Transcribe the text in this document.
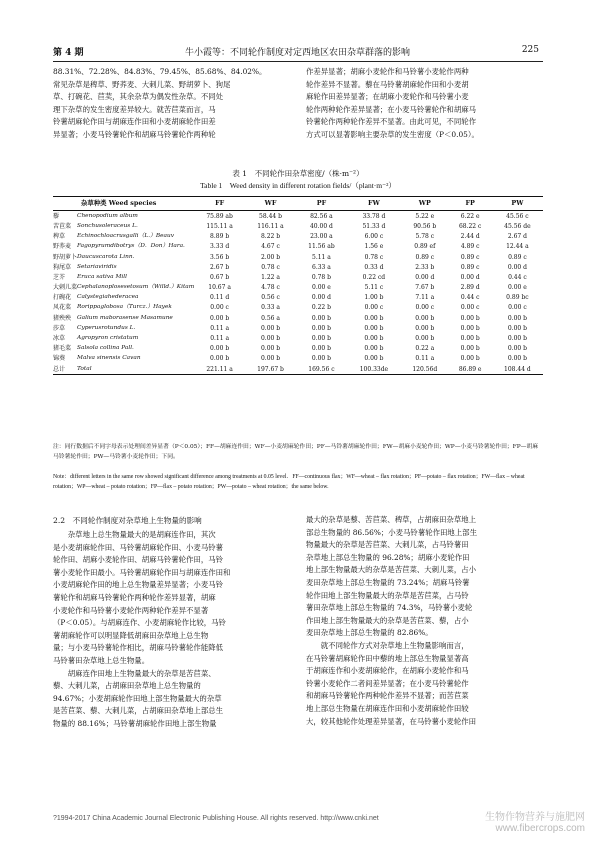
第 4 期	牛小霞等：不同轮作制度对定西地区农田杂草群落的影响	225

88.31%、72.28%、84.83%、79.45%、85.68%、84.02%。

常见杂草是稗草、野荞麦、大刺儿菜、野胡萝卜、狗尾

草、打碗花、苣荬，其余杂草为偶发性杂草。不同处

理下杂草的发生密度差异较大。就苦苣菜而言，马

铃薯胡麻轮作田与胡麻连作田和小麦胡麻轮作田差

异显著；小麦马铃薯轮作和胡麻马铃薯轮作两种轮

作差异显著；胡麻小麦轮作和马铃薯小麦轮作两种

轮作差异不显著。藜在马铃薯胡麻轮作田和小麦胡

麻轮作田差异显著；在胡麻小麦轮作和马铃薯小麦

轮作两种轮作差异显著；在小麦马铃薯轮作和胡麻马

铃薯轮作两种轮作差异不显著。由此可见，不同轮作

方式可以显著影响主要杂草的发生密度（P＜0.05）。

表 1　不同轮作田杂草密度/（株·m⁻²）
Table 1　Weed density in different rotation fields/（plant·m⁻²）
杂草种类 Weed species		FF	WF	PF	FW	WP	FP	PW
藜	Chenopodium album	75.89 ab	58.44 b	82.56 a	33.78 d	5.22 e	6.22 e	45.56 c
苦苣菜	Sonchusoleraceus L.	115.11 a	116.11 a	40.00 d	51.33 d	90.56 b	68.22 c	45.56 de
稗草	Echinochloacrusgalli（L.）Beauv	8.89 b	8.22 b	23.00 a	6.00 c	5.78 c	2.44 d	2.67 d
野荞麦	Fagopyrumdibotrys（D．Don）Hara.	3.33 d	4.67 c	11.56 ab	1.56 e	0.89 ef	4.89 c	12.44 a
野胡萝卜	Daucuscarota Linn.	3.56 b	2.00 b	5.11 a	0.78 c	0.89 c	0.89 c	0.89 c
狗尾草	Setariaviridis	2.67 b	0.78 c	6.33 a	0.33 d	2.33 b	0.89 c	0.00 d
芝芥	Eruca sativa Mill	0.67 b	1.22 a	0.78 b	0.22 cd	0.00 d	0.00 d	0.44 c
大刺儿菜	Cephalanoplosesetosum（Willd.）Kitam	10.67 a	4.78 c	0.00 e	5.11 c	7.67 b	2.89 d	0.00 e
打碗花	Calystegiahederacea	0.11 d	0.56 c	0.00 d	1.00 b	7.11 a	0.44 c	0.89 bc
风花菜	Rorippaglobosa（Turcz.）Hayek	0.00 c	0.33 a	0.22 b	0.00 c	0.00 c	0.00 c	0.00 c
猪殃殃	Galium maborasense Masamune	0.00 b	0.56 a	0.00 b	0.00 b	0.00 b	0.00 b	0.00 b
莎草	Cyperusrotundus L.	0.11 a	0.00 b	0.00 b	0.00 b	0.00 b	0.00 b	0.00 b
冰草	Agropyron cristatum	0.11 a	0.00 b	0.00 b	0.00 b	0.00 b	0.00 b	0.00 b
猪毛菜	Salsola collina Pall.	0.00 b	0.00 b	0.00 b	0.00 b	0.22 a	0.00 b	0.00 b
锦葵	Malva sinensis Cavan	0.00 b	0.00 b	0.00 b	0.00 b	0.11 a	0.00 b	0.00 b
总计	Total	221.11 a	197.67 b	169.56 c	100.33de	120.56d	86.89 e	108.44 d
注：同行数据后不同字母表示处理间差异显著（P＜0.05）；FF—胡麻连作田；WF—小麦胡麻轮作田；PF—马铃薯胡麻轮作田；FW—胡麻小麦轮作田；WP—小麦马铃薯轮作田；FP—胡麻马铃薯轮作田；PW—马铃薯小麦轮作田；下同。
Note：different letters in the same row showed significant difference among treatments at 0.05 level．FF—continuous flax；WF—wheat – flax rotation；PF—potato – flax rotation；FW—flax – wheat rotation；WP—wheat – potato rotation；FP—flax – potato rotation；PW—potato – wheat rotation；the same below.
2.2　不同轮作制度对杂草地上生物量的影响

　　杂草地上总生物量最大的是胡麻连作田，其次

是小麦胡麻轮作田、马铃薯胡麻轮作田、小麦马铃薯

轮作田、胡麻小麦轮作田、胡麻马铃薯轮作田，马铃

薯小麦轮作田最小。马铃薯胡麻轮作田与胡麻连作田和

小麦胡麻轮作田的地上总生物量差异显著；小麦马铃

薯轮作和胡麻马铃薯轮作两种轮作差异显著，胡麻

小麦轮作和马铃薯小麦轮作两种轮作差异不显著

（P＜0.05）。与胡麻连作、小麦胡麻轮作比较，马铃

薯胡麻轮作可以明显降低胡麻田杂草地上总生物

量；与小麦马铃薯轮作相比，胡麻马铃薯轮作能降低

马铃薯田杂草地上总生物量。

　　胡麻连作田地上生物量最大的杂草是苦苣菜、

藜、大刺儿菜，占胡麻田杂草地上总生物量的

94.67%；小麦胡麻轮作田地上部生物量最大的杂草

是苦苣菜、藜、大刺儿菜，占胡麻田杂草地上部总生

物量的 88.16%；马铃薯胡麻轮作田地上部生物量

最大的杂草是藜、苦苣菜、稗草，占胡麻田杂草地上

部总生物量的 86.56%；小麦马铃薯轮作田地上部生

物量最大的杂草是苦苣菜、大刺儿菜，占马铃薯田

杂草地上部总生物量的 96.28%；胡麻小麦轮作田

地上部生物量最大的杂草是苦苣菜、大刺儿菜，占小

麦田杂草地上部总生物量的 73.24%；胡麻马铃薯

轮作田地上部生物量最大的杂草是苦苣菜，占马铃

薯田杂草地上部总生物量的 74.3%，马铃薯小麦轮

作田地上部生物量最大的杂草是苦苣菜、藜，占小

麦田杂草地上部总生物量的 82.86%。

　　就不同轮作方式对杂草地上生物量影响而言，

在马铃薯胡麻轮作田中藜的地上部总生物量显著高

于胡麻连作和小麦胡麻轮作，在胡麻小麦轮作和马

铃薯小麦轮作二者间差异显著；在小麦马铃薯轮作

和胡麻马铃薯轮作两种轮作差异不显著；而苦苣菜

地上部总生物量在胡麻连作田和小麦胡麻轮作田较

大，较其他轮作处理差异显著，在马铃薯小麦轮作田

?1994-2017 China Academic Journal Electronic Publishing House. All rights reserved. http://www.cnki.net	生物作物营养与施肥网
www.fibercrops.com
